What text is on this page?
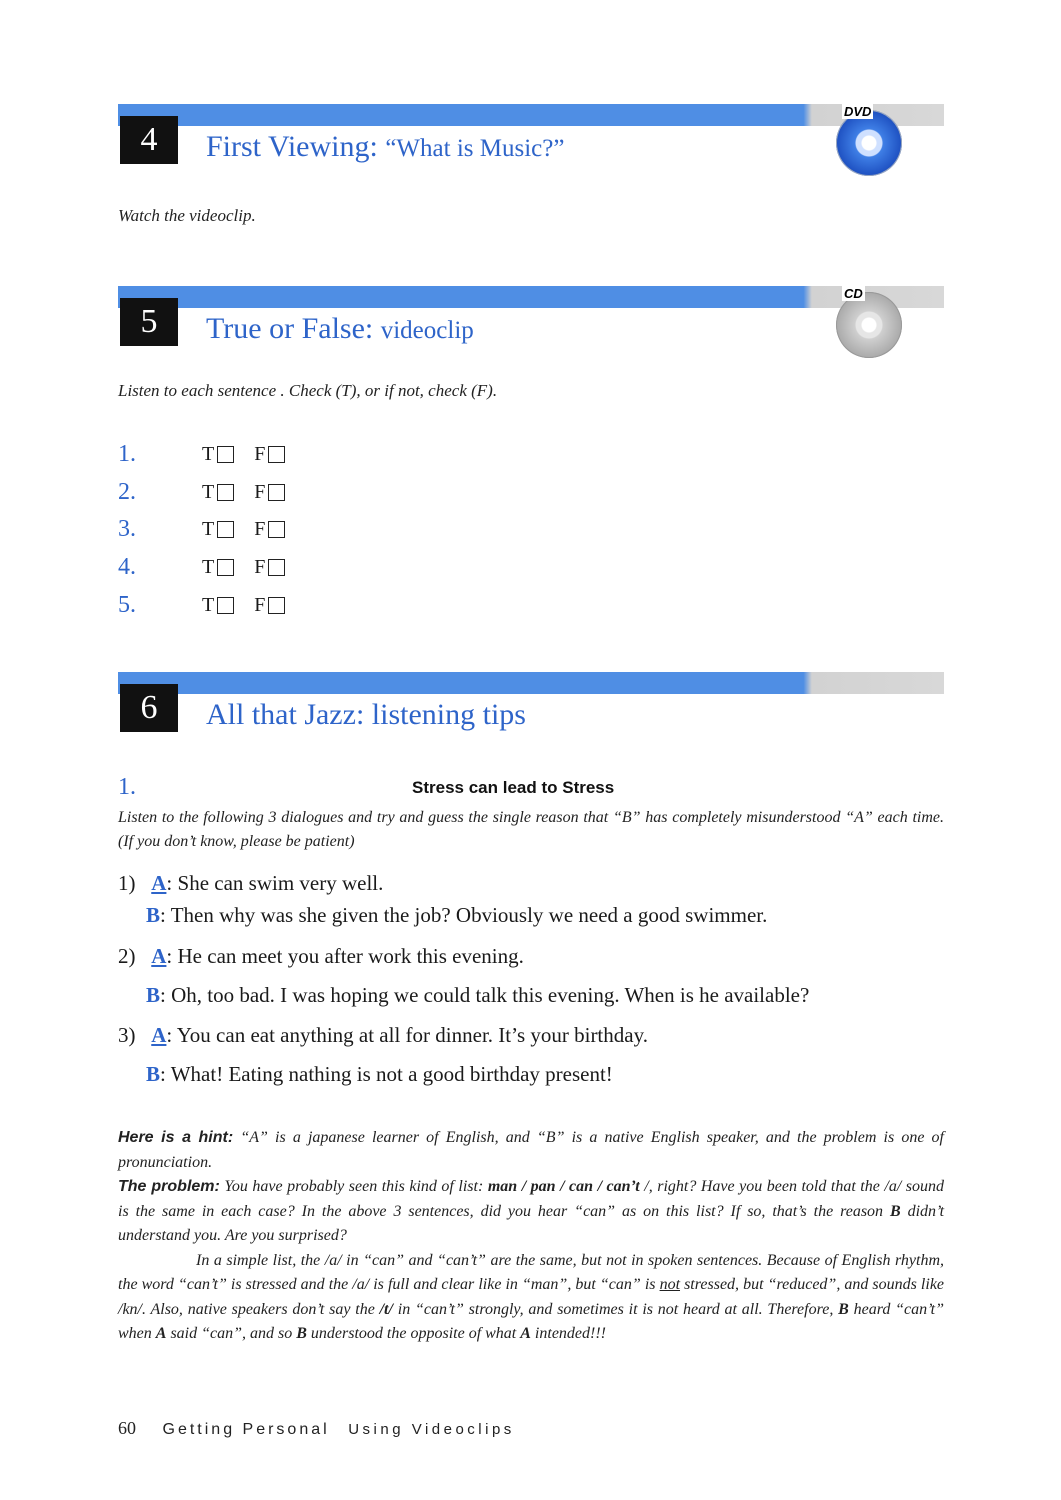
4	First Viewing: “What is Music?”
DVD
Watch the videoclip.
5	True or False: videoclip
CD
Listen to each sentence . Check (T), or if not, check (F).
1.	T F
2.	T F
3.	T F
4.	T F
5.	T F
6	All that Jazz: listening tips
1.	Stress can lead to Stress
Listen to the following 3 dialogues and try and guess the single reason that “B” has completely misunderstood “A” each time. (If you don’t know, please be patient)
1) A: She can swim very well.
B: Then why was she given the job? Obviously we need a good swimmer.
2) A: He can meet you after work this evening.
B: Oh, too bad. I was hoping we could talk this evening. When is he available?
3) A: You can eat anything at all for dinner. It’s your birthday.
B: What! Eating nathing is not a good birthday present!
Here is a hint: “A” is a japanese learner of English, and “B” is a native English speaker, and the problem is one of pronunciation.
The problem: You have probably seen this kind of list: man / pan / can / can’t /, right? Have you been told that the /a/ sound is the same in each case? In the above 3 sentences, did you hear “can” as on this list? If so, that’s the reason B didn’t understand you. Are you surprised?
In a simple list, the /a/ in “can” and “can’t” are the same, but not in spoken sentences. Because of English rhythm, the word “can’t” is stressed and the /a/ is full and clear like in “man”, but “can” is not stressed, but “reduced”, and sounds like /kn/. Also, native speakers don’t say the /t/ in “can’t” strongly, and sometimes it is not heard at all. Therefore, B heard “can’t” when A said “can”, and so B understood the opposite of what A intended!!!
60 Getting Personal Using Videoclips
